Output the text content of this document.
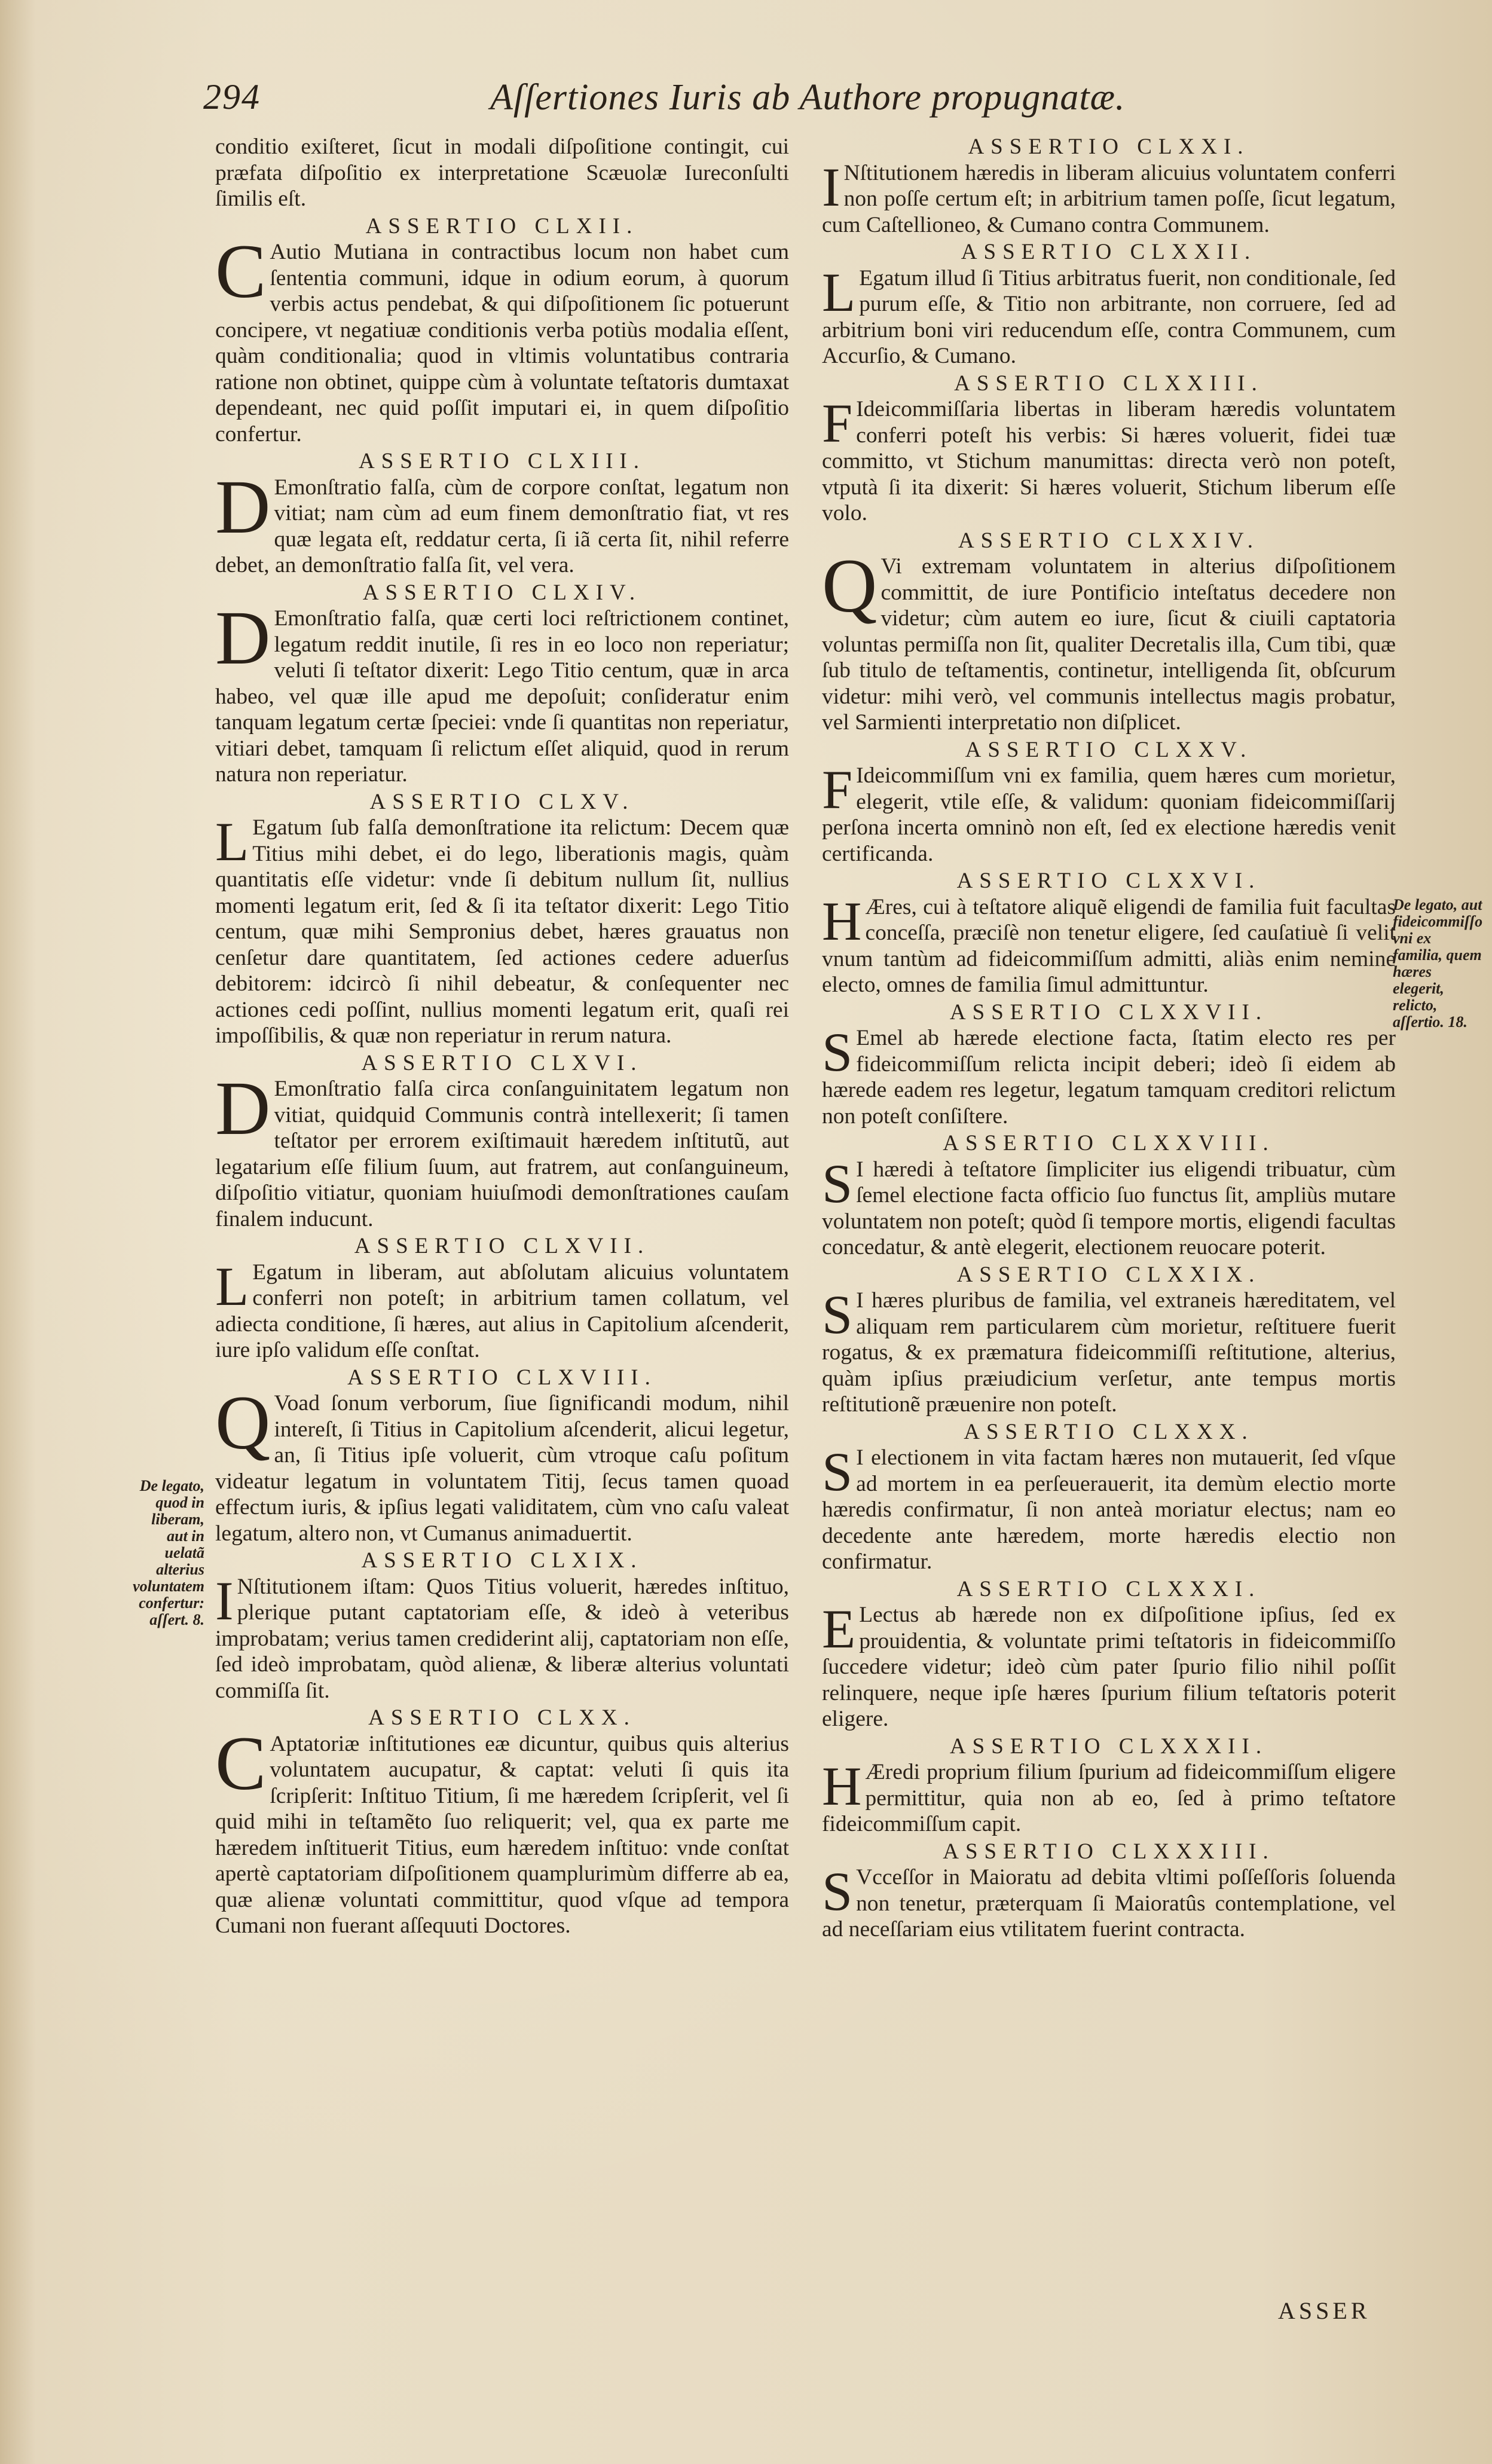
294	Aſſertiones Iuris ab Authore propugnatæ.
conditio exiſteret, ſicut in modali diſpoſitione contingit, cui præfata diſpoſitio ex interpretatione Scæuolæ Iureconſulti ſimilis eſt.
ASSERTIO CLXII.
C Autio Mutiana in contractibus locum non habet cum ſententia communi, idque in odium eorum, à quorum verbis actus pendebat, & qui diſpoſitionem ſic potuerunt concipere, vt negatiuæ conditionis verba potiùs modalia eſſent, quàm conditionalia; quod in vltimis voluntatibus contraria ratione non obtinet, quippe cùm à voluntate teſtatoris dumtaxat dependeant, nec quid poſſit imputari ei, in quem diſpoſitio confertur.
ASSERTIO CLXIII.
D Emonſtratio falſa, cùm de corpore conſtat, legatum non vitiat; nam cùm ad eum finem demonſtratio fiat, vt res quæ legata eſt, reddatur certa, ſi iã certa ſit, nihil referre debet, an demonſtratio falſa ſit, vel vera.
ASSERTIO CLXIV.
D Emonſtratio falſa, quæ certi loci reſtrictionem continet, legatum reddit inutile, ſi res in eo loco non reperiatur; veluti ſi teſtator dixerit: Lego Titio centum, quæ in arca habeo, vel quæ ille apud me depoſuit; conſideratur enim tanquam legatum certæ ſpeciei: vnde ſi quantitas non reperiatur, vitiari debet, tamquam ſi relictum eſſet aliquid, quod in rerum natura non reperiatur.
ASSERTIO CLXV.
L Egatum ſub falſa demonſtratione ita relictum: Decem quæ Titius mihi debet, ei do lego, liberationis magis, quàm quantitatis eſſe videtur: vnde ſi debitum nullum ſit, nullius momenti legatum erit, ſed & ſi ita teſtator dixerit: Lego Titio centum, quæ mihi Sempronius debet, hæres grauatus non cenſetur dare quantitatem, ſed actiones cedere aduerſus debitorem: idcircò ſi nihil debeatur, & conſequenter nec actiones cedi poſſint, nullius momenti legatum erit, quaſi rei impoſſibilis, & quæ non reperiatur in rerum natura.
ASSERTIO CLXVI.
D Emonſtratio falſa circa conſanguinitatem legatum non vitiat, quidquid Communis contrà intellexerit; ſi tamen teſtator per errorem exiſtimauit hæredem inſtitutũ, aut legatarium eſſe filium ſuum, aut fratrem, aut conſanguineum, diſpoſitio vitiatur, quoniam huiuſmodi demonſtrationes cauſam finalem inducunt.
ASSERTIO CLXVII.
L Egatum in liberam, aut abſolutam alicuius voluntatem conferri non poteſt; in arbitrium tamen collatum, vel adiecta conditione, ſi hæres, aut alius in Capitolium aſcenderit, iure ipſo validum eſſe conſtat.
ASSERTIO CLXVIII.
Q Voad ſonum verborum, ſiue ſignificandi modum, nihil intereſt, ſi Titius in Capitolium aſcenderit, alicui legetur, an, ſi Titius ipſe voluerit, cùm vtroque caſu poſitum videatur legatum in voluntatem Titij, ſecus tamen quoad effectum iuris, & ipſius legati validitatem, cùm vno caſu valeat legatum, altero non, vt Cumanus animaduertit.
ASSERTIO CLXIX.
I Nſtitutionem iſtam: Quos Titius voluerit, hæredes inſtituo, plerique putant captatoriam eſſe, & ideò à veteribus improbatam; verius tamen crediderint alij, captatoriam non eſſe, ſed ideò improbatam, quòd alienæ, & liberæ alterius voluntati commiſſa ſit.
ASSERTIO CLXX.
C Aptatoriæ inſtitutiones eæ dicuntur, quibus quis alterius voluntatem aucupatur, & captat: veluti ſi quis ita ſcripſerit: Inſtituo Titium, ſi me hæredem ſcripſerit, vel ſi quid mihi in teſtamẽto ſuo reliquerit; vel, qua ex parte me hæredem inſtituerit Titius, eum hæredem inſtituo: vnde conſtat apertè captatoriam diſpoſitionem quamplurimùm differre ab ea, quæ alienæ voluntati committitur, quod vſque ad tempora Cumani non fuerant aſſequuti Doctores.
ASSERTIO CLXXI.
I Nſtitutionem hæredis in liberam alicuius voluntatem conferri non poſſe certum eſt; in arbitrium tamen poſſe, ſicut legatum, cum Caſtellioneo, & Cumano contra Communem.
ASSERTIO CLXXII.
L Egatum illud ſi Titius arbitratus fuerit, non conditionale, ſed purum eſſe, & Titio non arbitrante, non corruere, ſed ad arbitrium boni viri reducendum eſſe, contra Communem, cum Accurſio, & Cumano.
ASSERTIO CLXXIII.
F Ideicommiſſaria libertas in liberam hæredis voluntatem conferri poteſt his verbis: Si hæres voluerit, fidei tuæ committo, vt Stichum manumittas: directa verò non poteſt, vtputà ſi ita dixerit: Si hæres voluerit, Stichum liberum eſſe volo.
ASSERTIO CLXXIV.
Q Vi extremam voluntatem in alterius diſpoſitionem committit, de iure Pontificio inteſtatus decedere non videtur; cùm autem eo iure, ſicut & ciuili captatoria voluntas permiſſa non ſit, qualiter Decretalis illa, Cum tibi, quæ ſub titulo de teſtamentis, continetur, intelligenda ſit, obſcurum videtur: mihi verò, vel communis intellectus magis probatur, vel Sarmienti interpretatio non diſplicet.
ASSERTIO CLXXV.
F Ideicommiſſum vni ex familia, quem hæres cum morietur, elegerit, vtile eſſe, & validum: quoniam fideicommiſſarij perſona incerta omninò non eſt, ſed ex electione hæredis venit certificanda.
ASSERTIO CLXXVI.
H Æres, cui à teſtatore aliquẽ eligendi de familia fuit facultas conceſſa, præciſè non tenetur eligere, ſed cauſatiuè ſi velit vnum tantùm ad fideicommiſſum admitti, aliàs enim nemine electo, omnes de familia ſimul admittuntur.
ASSERTIO CLXXVII.
S Emel ab hærede electione facta, ſtatim electo res per fideicommiſſum relicta incipit deberi; ideò ſi eidem ab hærede eadem res legetur, legatum tamquam creditori relictum non poteſt conſiſtere.
ASSERTIO CLXXVIII.
S I hæredi à teſtatore ſimpliciter ius eligendi tribuatur, cùm ſemel electione facta officio ſuo functus ſit, ampliùs mutare voluntatem non poteſt; quòd ſi tempore mortis, eligendi facultas concedatur, & antè elegerit, electionem reuocare poterit.
ASSERTIO CLXXIX.
S I hæres pluribus de familia, vel extraneis hæreditatem, vel aliquam rem particularem cùm morietur, reſtituere fuerit rogatus, & ex præmatura fideicommiſſi reſtitutione, alterius, quàm ipſius præiudicium verſetur, ante tempus mortis reſtitutionẽ præuenire non poteſt.
ASSERTIO CLXXX.
S I electionem in vita factam hæres non mutauerit, ſed vſque ad mortem in ea perſeuerauerit, ita demùm electio morte hæredis confirmatur, ſi non anteà moriatur electus; nam eo decedente ante hæredem, morte hæredis electio non confirmatur.
ASSERTIO CLXXXI.
E Lectus ab hærede non ex diſpoſitione ipſius, ſed ex prouidentia, & voluntate primi teſtatoris in fideicommiſſo ſuccedere videtur; ideò cùm pater ſpurio filio nihil poſſit relinquere, neque ipſe hæres ſpurium filium teſtatoris poterit eligere.
ASSERTIO CLXXXII.
H Æredi proprium filium ſpurium ad fideicommiſſum eligere permittitur, quia non ab eo, ſed à primo teſtatore fideicommiſſum capit.
ASSERTIO CLXXXIII.
S Vcceſſor in Maioratu ad debita vltimi poſſeſſoris ſoluenda non tenetur, præterquam ſi Maioratûs contemplatione, vel ad neceſſariam eius vtilitatem fuerint contracta.
De legato, quod in liberam, aut in uelatã alterius voluntatem confertur: aſſert. 8.
De legato, aut fideicommiſſo vni ex familia, quem hæres elegerit, relicto, aſſertio. 18.
ASSER
